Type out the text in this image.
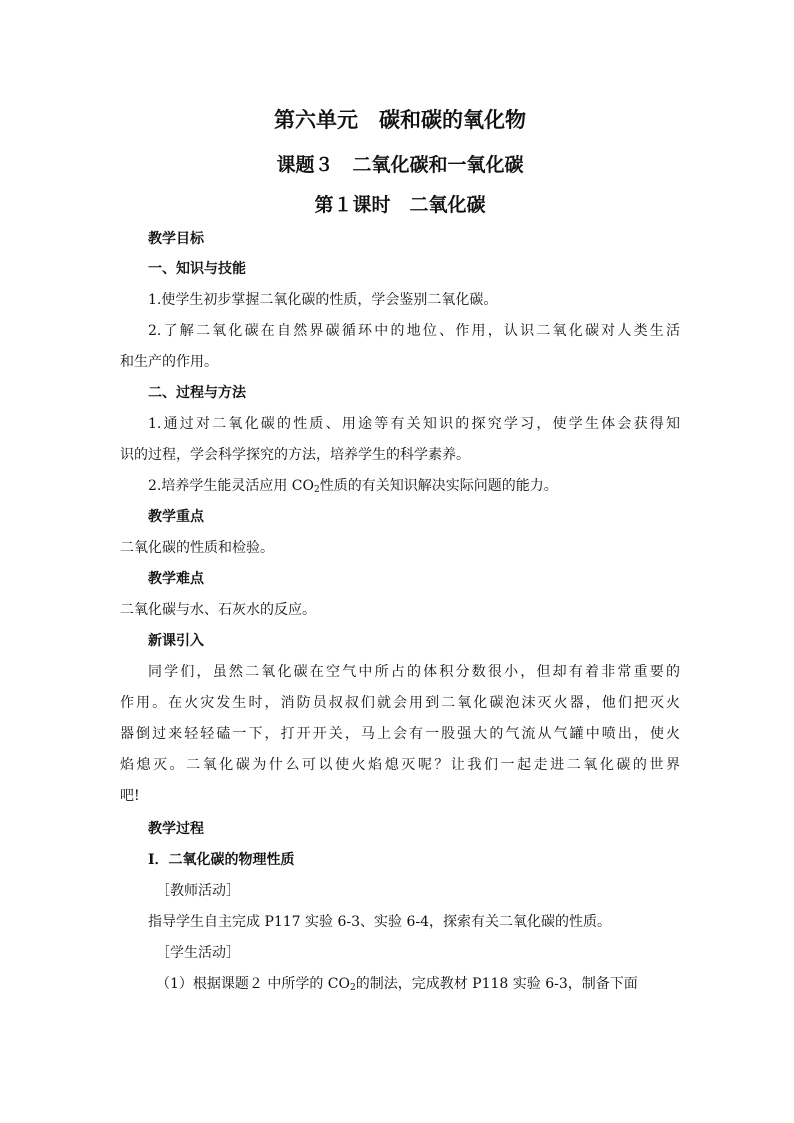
第六单元　碳和碳的氧化物
课题３　二氧化碳和一氧化碳
第１课时　二氧化碳
教学目标
一、知识与技能
1.使学生初步掌握二氧化碳的性质，学会鉴别二氧化碳。
2.了解二氧化碳在自然界碳循环中的地位、作用，认识二氧化碳对人类生活
和生产的作用。
二、过程与方法
1.通过对二氧化碳的性质、用途等有关知识的探究学习，使学生体会获得知
识的过程，学会科学探究的方法，培养学生的科学素养。
2.培养学生能灵活应用 $CO_2$性质的有关知识解决实际问题的能力。
教学重点
二氧化碳的性质和检验。
教学难点
二氧化碳与水、石灰水的反应。
新课引入
同学们，虽然二氧化碳在空气中所占的体积分数很小，但却有着非常重要的
作用。在火灾发生时，消防员叔叔们就会用到二氧化碳泡沫灭火器，他们把灭火
器倒过来轻轻磕一下，打开开关，马上会有一股强大的气流从气罐中喷出，使火
焰熄灭。二氧化碳为什么可以使火焰熄灭呢？让我们一起走进二氧化碳的世界
吧!
教学过程
Ⅰ．二氧化碳的物理性质
［教师活动］
指导学生自主完成 P117 实验 6-3、实验 6-4，探索有关二氧化碳的性质。
［学生活动］
（1）根据课题２ 中所学的 $CO_2$的制法，完成教材 P118 实验 6-3，制备下面
